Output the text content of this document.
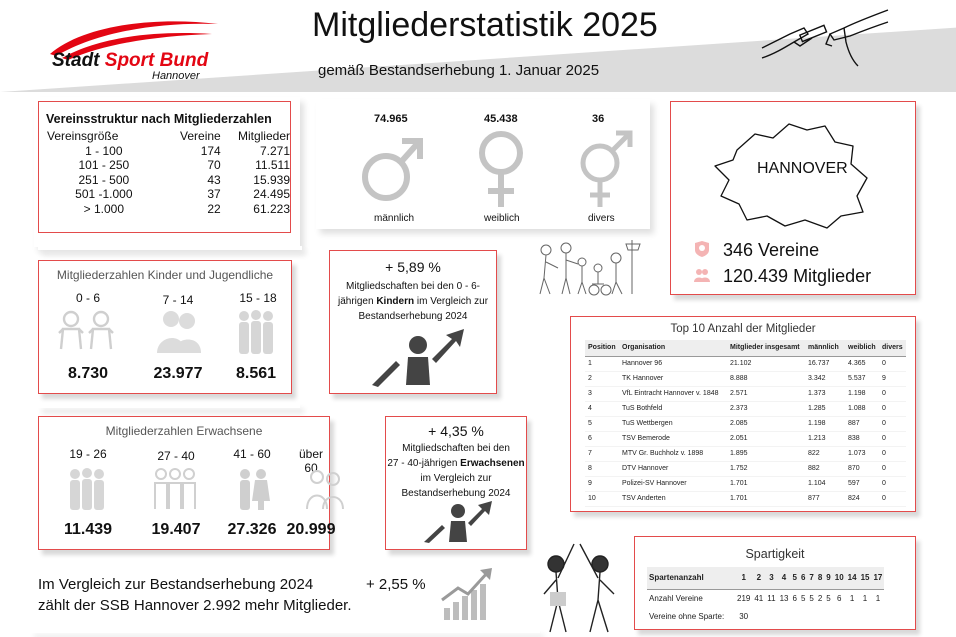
Stadt Sport Bund
Hannover
Mitgliederstatistik 2025
gemäß Bestandserhebung 1. Januar 2025
Vereinsstruktur nach Mitgliederzahlen
Vereinsgröße	Vereine	Mitglieder
1 - 100	174	7.271
101 - 250	70	11.511
251 - 500	43	15.939
501 -1.000	37	24.495
> 1.000	22	61.223
74.965	45.438	36
männlich	weiblich	divers
HANNOVER
346 Vereine
120.439 Mitglieder
Mitgliederzahlen Kinder und Jugendliche
0 - 6	7 - 14	15 - 18
8.730	23.977	8.561
+ 5,89 %
Mitgliedschaften bei den 0 - 6-
jährigen Kindern im Vergleich zur
Bestandserhebung 2024
Mitgliederzahlen Erwachsene
19 - 26	27 - 40	41 - 60	über 60
11.439	19.407	27.326 20.999
+ 4,35 %
Mitgliedschaften bei den
27 - 40-jährigen Erwachsenen
im Vergleich zur
Bestandserhebung 2024
Top 10 Anzahl der Mitglieder
Position	Organisation	Mitglieder insgesamt	männlich	weiblich	divers
1	Hannover 96	21.102	16.737	4.365	0
2	TK Hannover	8.888	3.342	5.537	9
3	VfL Eintracht Hannover v. 1848	2.571	1.373	1.198	0
4	TuS Bothfeld	2.373	1.285	1.088	0
5	TuS Wettbergen	2.085	1.198	887	0
6	TSV Bemerode	2.051	1.213	838	0
7	MTV Gr. Buchholz v. 1898	1.895	822	1.073	0
8	DTV Hannover	1.752	882	870	0
9	Polizei-SV Hannover	1.701	1.104	597	0
10	TSV Anderten	1.701	877	824	0
Spartigkeit
Spartenanzahl	1	2	3	4	5	6	7	8	9	10	14	15	17
Anzahl Vereine	219	41	11	13	6	5	5	2	5	6	1	1	1
Vereine ohne Sparte:	30												
Im Vergleich zur Bestandserhebung 2024
zählt der SSB Hannover 2.992 mehr Mitglieder.
+ 2,55 %
